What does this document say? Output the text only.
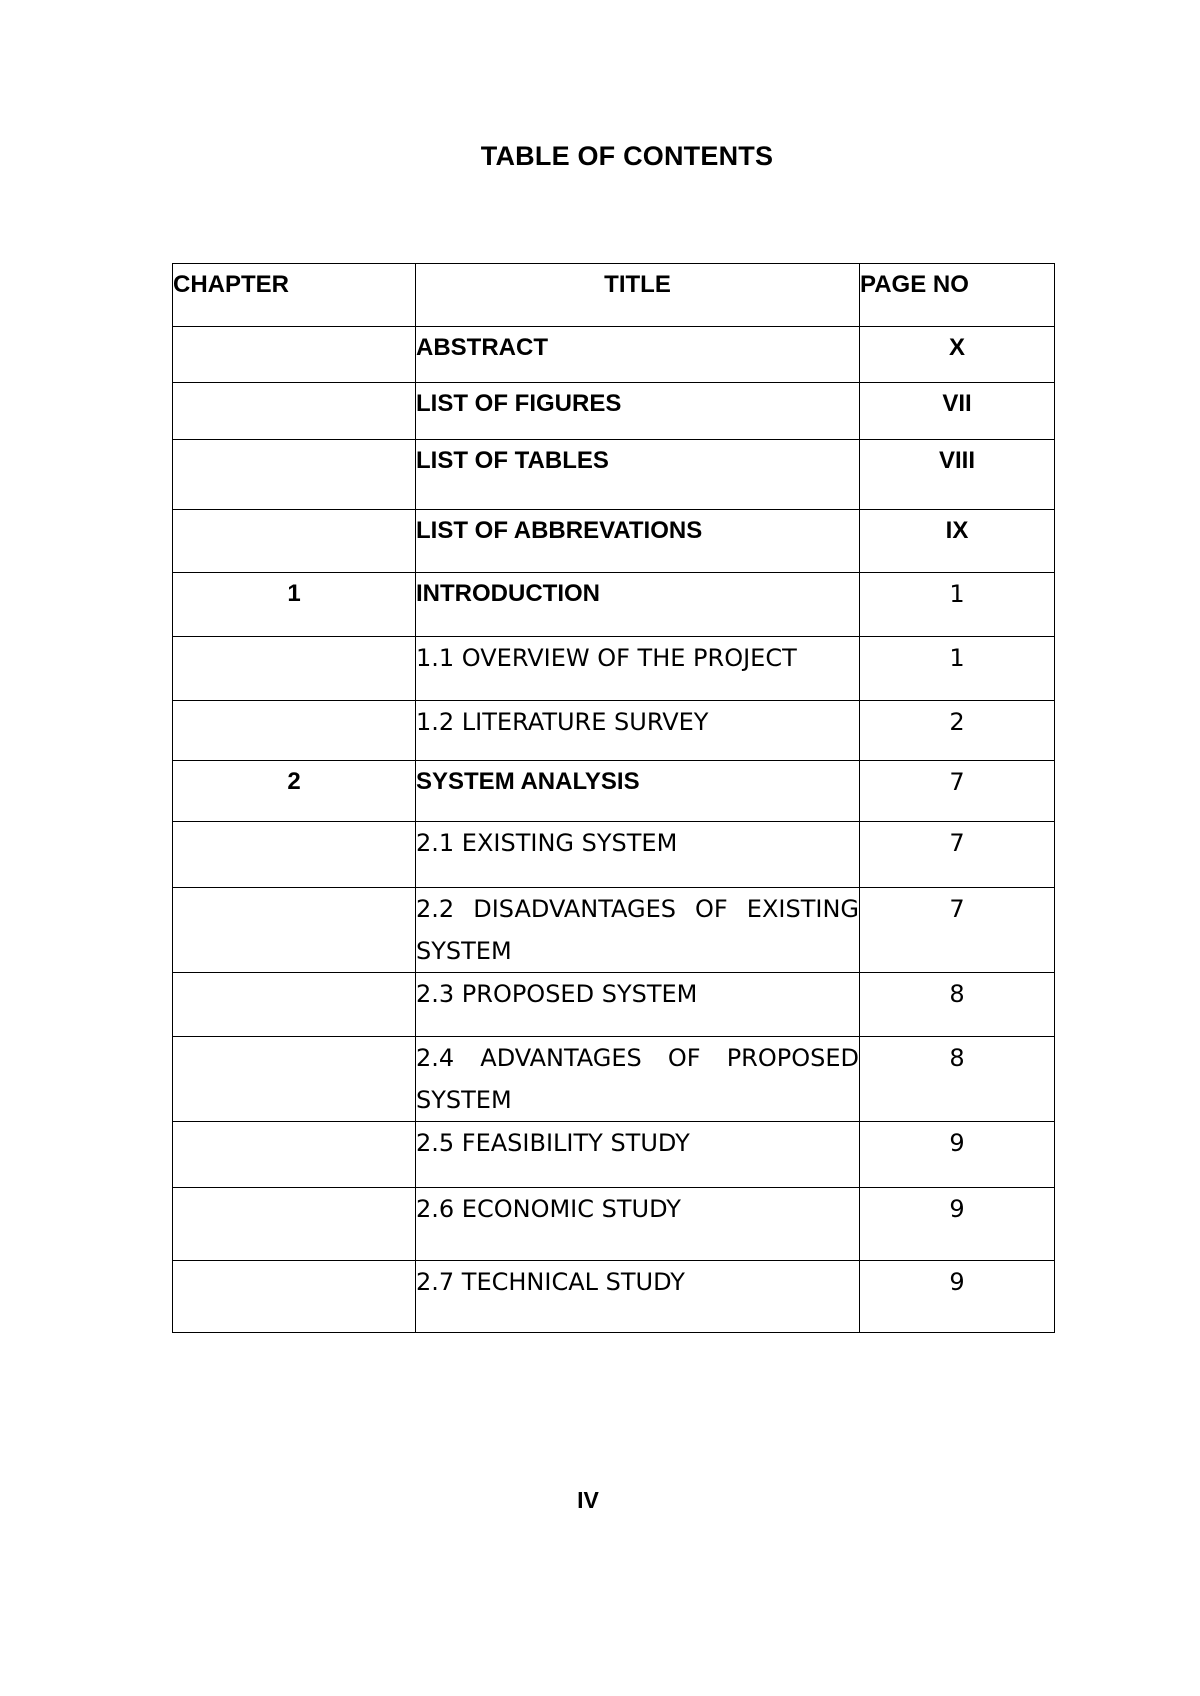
TABLE OF CONTENTS
CHAPTER	TITLE	PAGE NO
	ABSTRACT	X
	LIST OF FIGURES	VII
	LIST OF TABLES	VIII
	LIST OF ABBREVATIONS	IX
1	INTRODUCTION	1
	1.1 OVERVIEW OF THE PROJECT	1
	1.2 LITERATURE SURVEY	2
2	SYSTEM ANALYSIS	7
	2.1 EXISTING SYSTEM	7
	2.2 DISADVANTAGES OF EXISTING SYSTEM	7
	2.3 PROPOSED SYSTEM	8
	2.4 ADVANTAGES OF PROPOSED SYSTEM	8
	2.5 FEASIBILITY STUDY	9
	2.6 ECONOMIC STUDY	9
	2.7 TECHNICAL STUDY	9
IV
